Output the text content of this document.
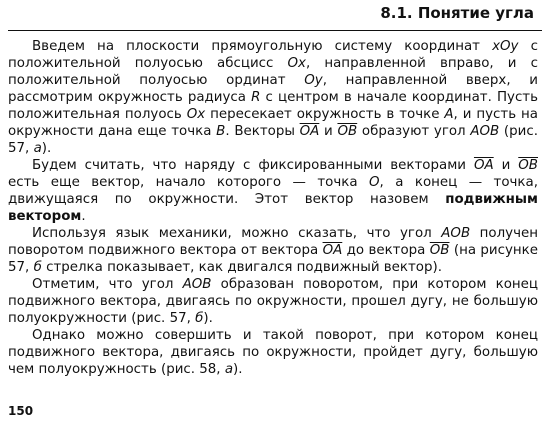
8.1. Понятие угла

Введем на плоскости прямоугольную систему координат xOy с положительной полуосью абсцисс Ox, направленной вправо, и с положительной полуосью ординат Oy, направленной вверх, и рассмотрим окружность радиуса R с центром в начале координат. Пусть положительная полуось Ox пересекает окружность в точке A, и пусть на окружности дана еще точка B. Векторы $\overline{OA}$ и $\overline{OB}$ образуют угол AOB (рис. 57, а).

Будем считать, что наряду с фиксированными векторами $\overline{OA}$ и $\overline{OB}$ есть еще вектор, начало которого — точка O, а конец — точка, движущаяся по окружности. Этот вектор назовем подвижным вектором.

Используя язык механики, можно сказать, что угол AOB получен поворотом подвижного вектора от вектора $\overline{OA}$ до вектора $\overline{OB}$ (на рисунке 57, б стрелка показывает, как двигался подвижный вектор).

Отметим, что угол AOB образован поворотом, при котором конец подвижного вектора, двигаясь по окружности, прошел дугу, не большую полуокружности (рис. 57, б).

Однако можно совершить и такой поворот, при котором конец подвижного вектора, двигаясь по окружности, пройдет дугу, большую чем полуокружность (рис. 58, а).

150
